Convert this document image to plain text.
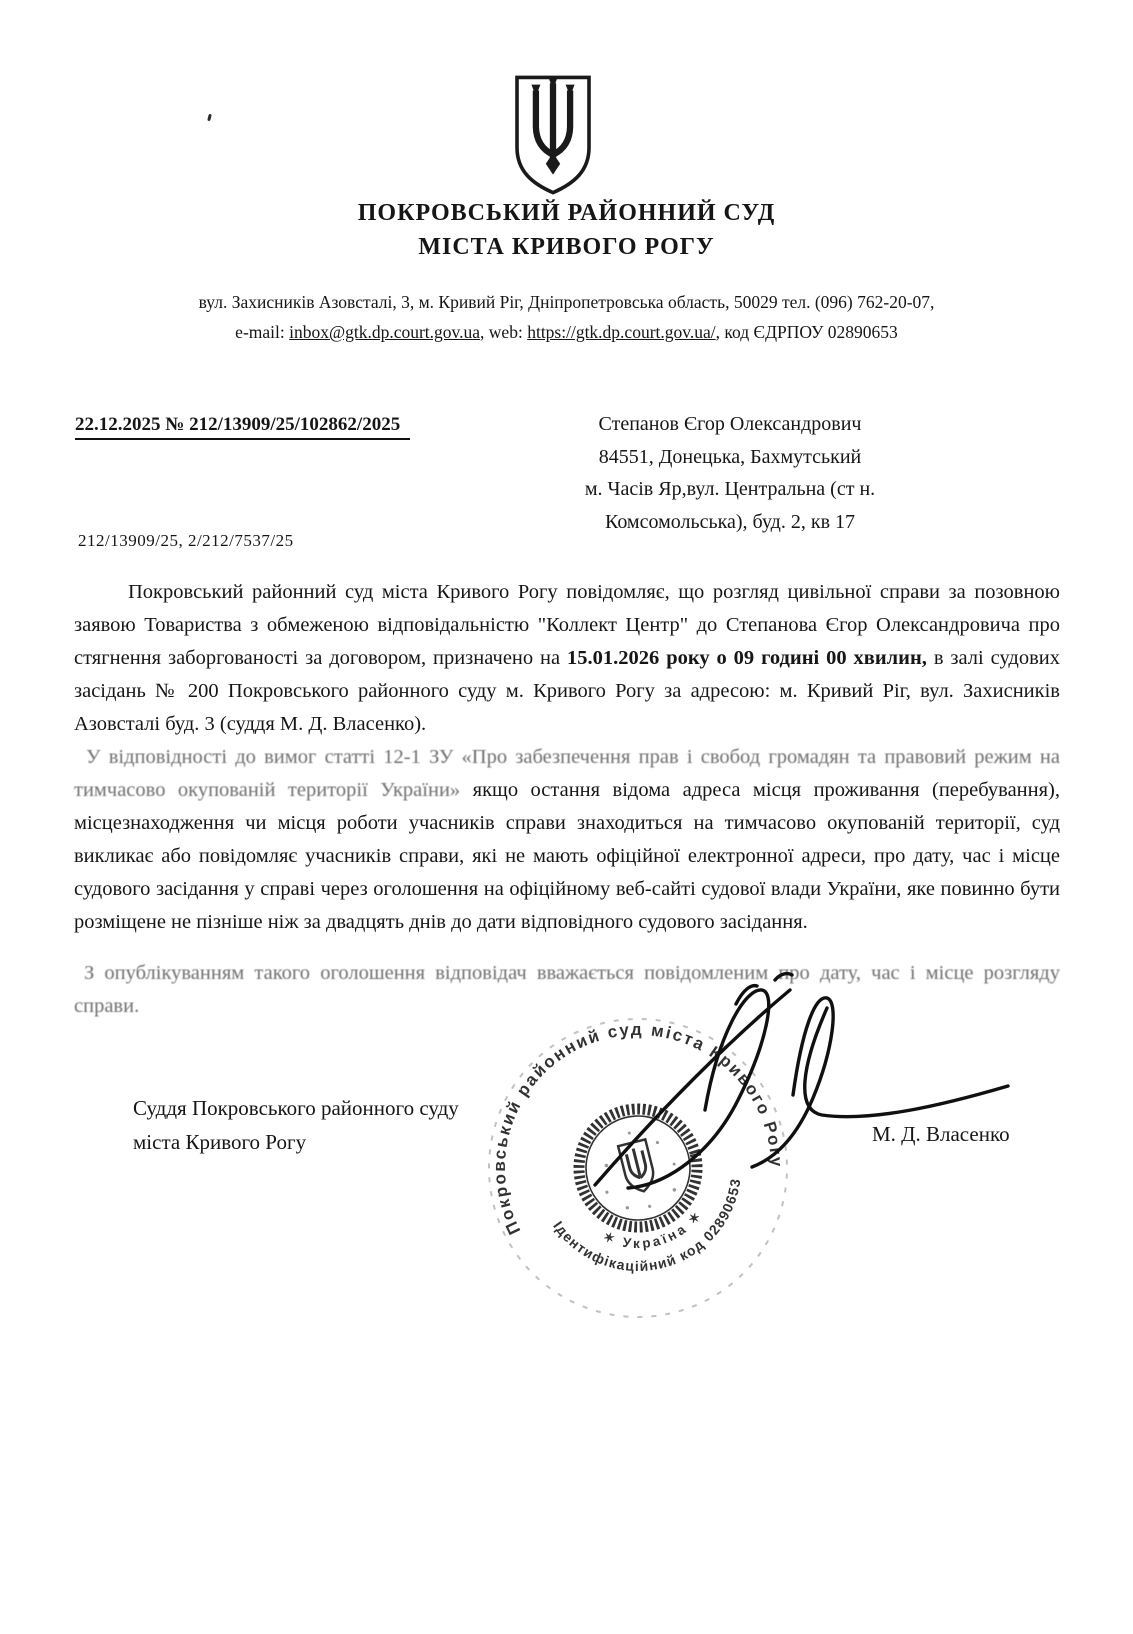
ПОКРОВСЬКИЙ РАЙОННИЙ СУД
МІСТА КРИВОГО РОГУ
вул. Захисників Азовсталі, 3, м. Кривий Ріг, Дніпропетровська область, 50029 тел. (096) 762-20-07,
e-mail: inbox@gtk.dp.court.gov.ua, web: https://gtk.dp.court.gov.ua/, код ЄДРПОУ 02890653
22.12.2025 № 212/13909/25/102862/2025	Степанов Єгор Олександрович
84551, Донецька, Бахмутський
м. Часів Яр,вул. Центральна (ст н.
Комсомольська), буд. 2, кв 17
212/13909/25, 2/212/7537/25

Покровський районний суд міста Кривого Рогу повідомляє, що розгляд цивільної справи за позовною заявою Товариства з обмеженою відповідальністю "Коллект Центр" до Степанова Єгор Олександровича про стягнення заборгованості за договором, призначено на 15.01.2026 року о 09 годині 00 хвилин, в залі судових засідань № 200 Покровського районного суду м. Кривого Рогу за адресою: м. Кривий Ріг, вул. Захисників Азовсталі буд. 3 (суддя М. Д. Власенко).

У відповідності до вимог статті 12-1 ЗУ «Про забезпечення прав і свобод громадян та правовий режим на тимчасово окупованій території України» якщо остання відома адреса місця проживання (перебування), місцезнаходження чи місця роботи учасників справи знаходиться на тимчасово окупованій території, суд викликає або повідомляє учасників справи, які не мають офіційної електронної адреси, про дату, час і місце судового засідання у справі через оголошення на офіційному веб-сайті судової влади України, яке повинно бути розміщене не пізніше ніж за двадцять днів до дати відповідного судового засідання.

З опублікуванням такого оголошення відповідач вважається повідомленим про дату, час і місце розгляду справи.

Покровський районний суд міста Кривого Рогу
Ідентифікаційний код 02890653
✶ Україна ✶
Суддя Покровського районного суду
міста Кривого Рогу	М. Д. Власенко
